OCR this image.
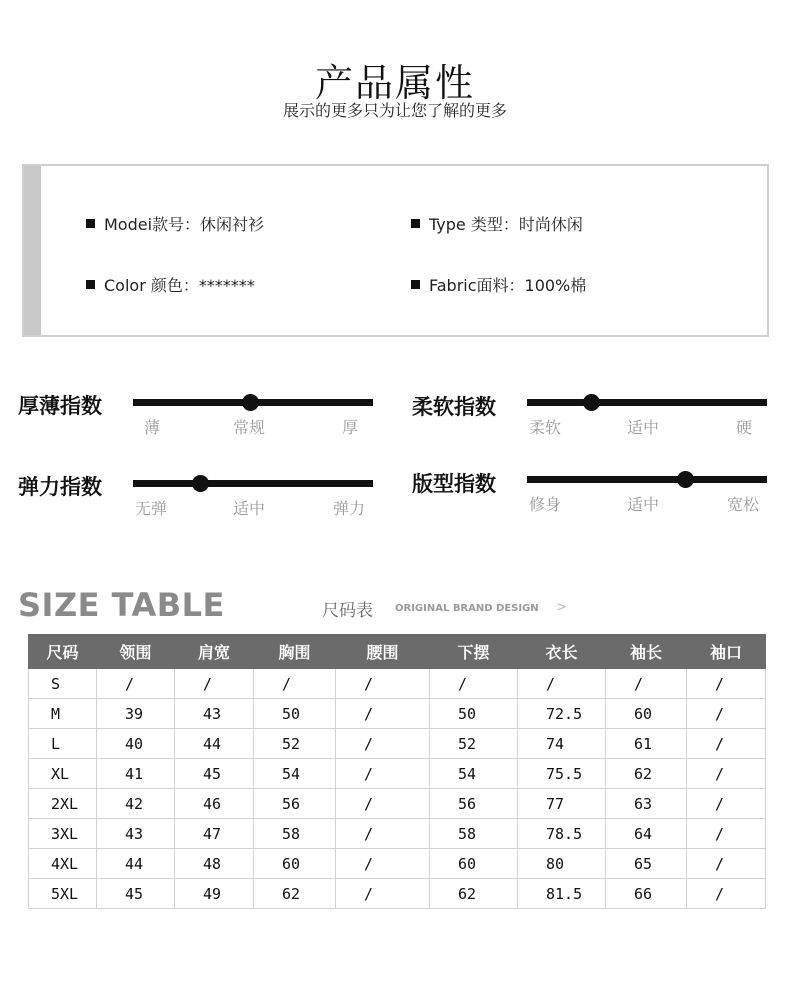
产品属性
展示的更多只为让您了解的更多
Modei款号：休闲衬衫	Type 类型：时尚休闲
Color 颜色：*******	Fabric面料：100%棉
厚薄指数
薄	常规	厚
柔软指数
柔软	适中	硬
弹力指数
无弹	适中	弹力
版型指数
修身	适中	宽松
SIZE TABLE	尺码表 ORIGINAL BRAND DESIGN >
尺码	领围	肩宽	胸围	腰围	下摆	衣长	袖长	袖口
S	/	/	/	/	/	/	/	/
M	39	43	50	/	50	72.5	60	/
L	40	44	52	/	52	74	61	/
XL	41	45	54	/	54	75.5	62	/
2XL	42	46	56	/	56	77	63	/
3XL	43	47	58	/	58	78.5	64	/
4XL	44	48	60	/	60	80	65	/
5XL	45	49	62	/	62	81.5	66	/
